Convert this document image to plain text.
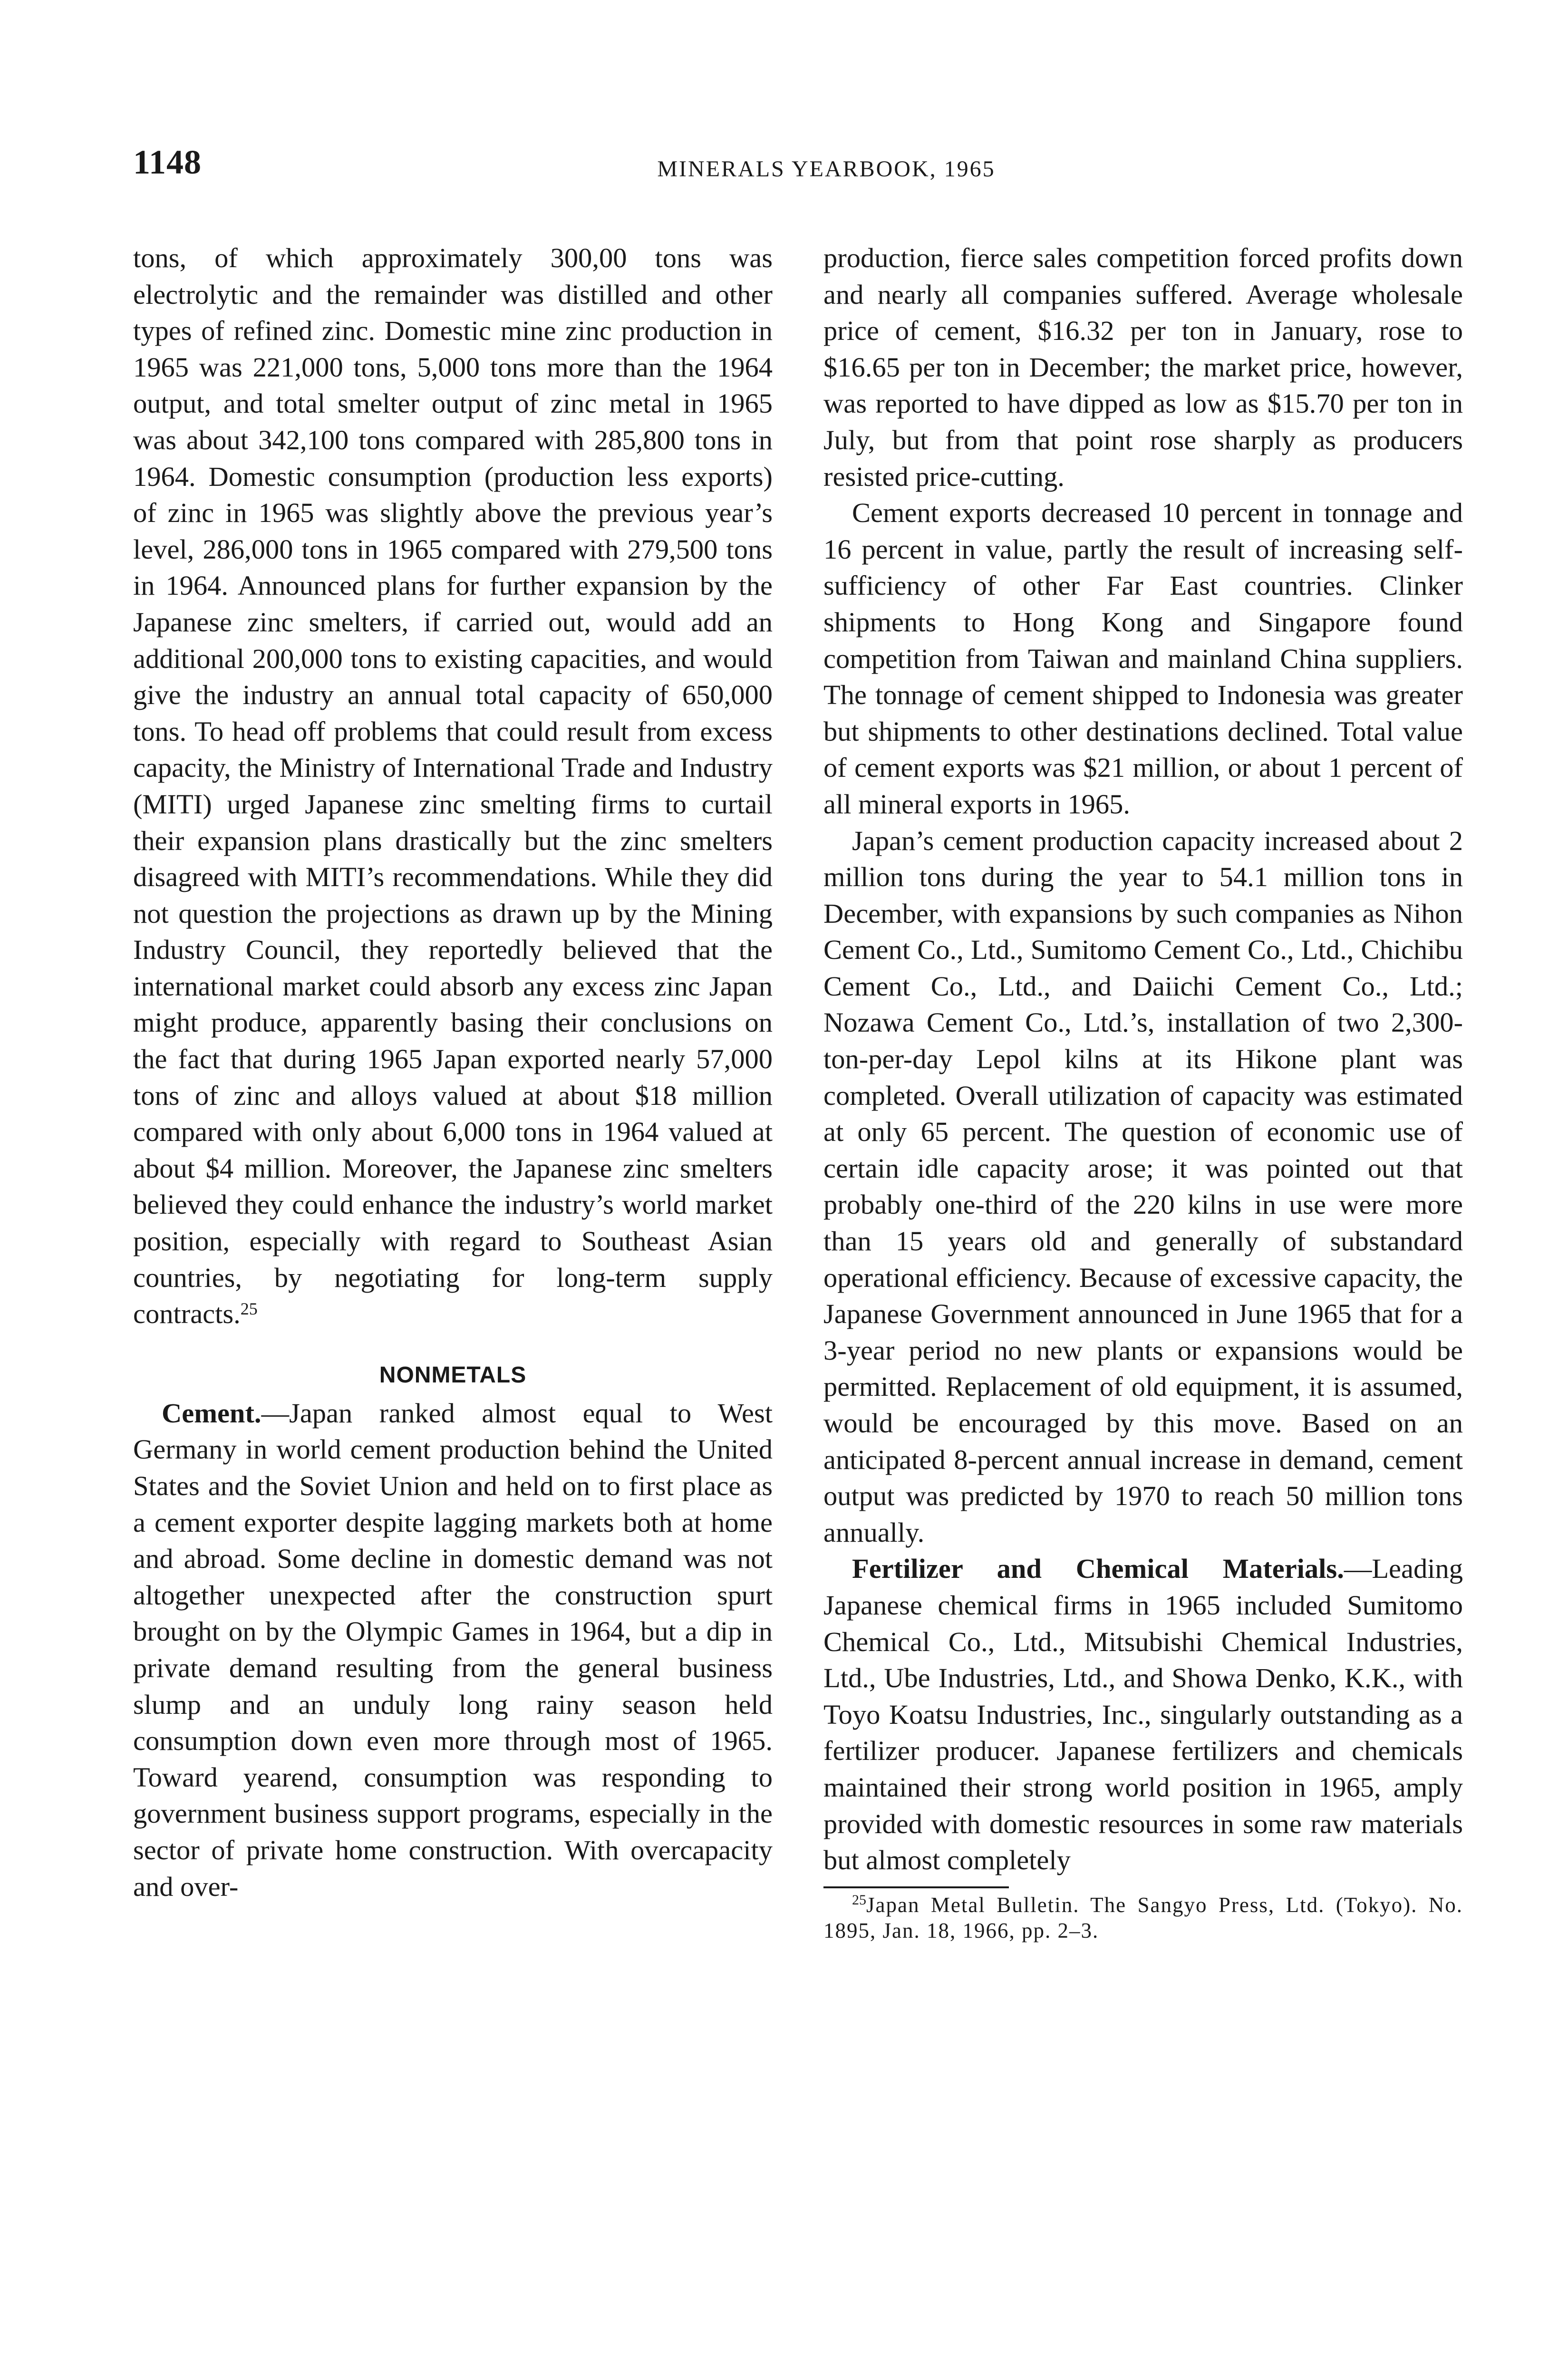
1148	MINERALS YEARBOOK, 1965

tons, of which approximately 300,00 tons was electrolytic and the remainder was distilled and other types of refined zinc. Domestic mine zinc production in 1965 was 221,000 tons, 5,000 tons more than the 1964 output, and total smelter output of zinc metal in 1965 was about 342,100 tons compared with 285,800 tons in 1964. Domestic consumption (production less exports) of zinc in 1965 was slightly above the previous year’s level, 286,000 tons in 1965 compared with 279,500 tons in 1964. Announced plans for further expansion by the Japanese zinc smelters, if carried out, would add an additional 200,000 tons to existing capacities, and would give the industry an annual total capacity of 650,000 tons. To head off problems that could result from excess capacity, the Ministry of International Trade and Industry (MITI) urged Japanese zinc smelting firms to curtail their expansion plans drastically but the zinc smelters disagreed with MITI’s recommendations. While they did not question the projections as drawn up by the Mining Industry Council, they reportedly believed that the international market could absorb any excess zinc Japan might produce, apparently basing their conclusions on the fact that during 1965 Japan exported nearly 57,000 tons of zinc and alloys valued at about $18 million compared with only about 6,000 tons in 1964 valued at about $4 million. Moreover, the Japanese zinc smelters believed they could enhance the industry’s world market position, especially with regard to Southeast Asian countries, by negotiating for long-term supply contracts.$^{25}$

NONMETALS

Cement.—Japan ranked almost equal to West Germany in world cement production behind the United States and the Soviet Union and held on to first place as a cement exporter despite lagging markets both at home and abroad. Some decline in domestic demand was not altogether unexpected after the construction spurt brought on by the Olympic Games in 1964, but a dip in private demand resulting from the general business slump and an unduly long rainy season held consumption down even more through most of 1965. Toward yearend, consumption was responding to government business support programs, especially in the sector of private home construction. With overcapacity and over-

production, fierce sales competition forced profits down and nearly all companies suffered. Average wholesale price of cement, $16.32 per ton in January, rose to $16.65 per ton in December; the market price, however, was reported to have dipped as low as $15.70 per ton in July, but from that point rose sharply as producers resisted price-cutting.

Cement exports decreased 10 percent in tonnage and 16 percent in value, partly the result of increasing self-sufficiency of other Far East countries. Clinker shipments to Hong Kong and Singapore found competition from Taiwan and mainland China suppliers. The tonnage of cement shipped to Indonesia was greater but shipments to other destinations declined. Total value of cement exports was $21 million, or about 1 percent of all mineral exports in 1965.

Japan’s cement production capacity increased about 2 million tons during the year to 54.1 million tons in December, with expansions by such companies as Nihon Cement Co., Ltd., Sumitomo Cement Co., Ltd., Chichibu Cement Co., Ltd., and Daiichi Cement Co., Ltd.; Nozawa Cement Co., Ltd.’s, installation of two 2,300-ton-per-day Lepol kilns at its Hikone plant was completed. Overall utilization of capacity was estimated at only 65 percent. The question of economic use of certain idle capacity arose; it was pointed out that probably one-third of the 220 kilns in use were more than 15 years old and generally of substandard operational efficiency. Because of excessive capacity, the Japanese Government announced in June 1965 that for a 3-year period no new plants or expansions would be permitted. Replacement of old equipment, it is assumed, would be encouraged by this move. Based on an anticipated 8-percent annual increase in demand, cement output was predicted by 1970 to reach 50 million tons annually.

Fertilizer and Chemical Materials.—Leading Japanese chemical firms in 1965 included Sumitomo Chemical Co., Ltd., Mitsubishi Chemical Industries, Ltd., Ube Industries, Ltd., and Showa Denko, K.K., with Toyo Koatsu Industries, Inc., singularly outstanding as a fertilizer producer. Japanese fertilizers and chemicals maintained their strong world position in 1965, amply provided with domestic resources in some raw materials but almost completely

$^{25}$Japan Metal Bulletin. The Sangyo Press, Ltd. (Tokyo). No. 1895, Jan. 18, 1966, pp. 2–3.
